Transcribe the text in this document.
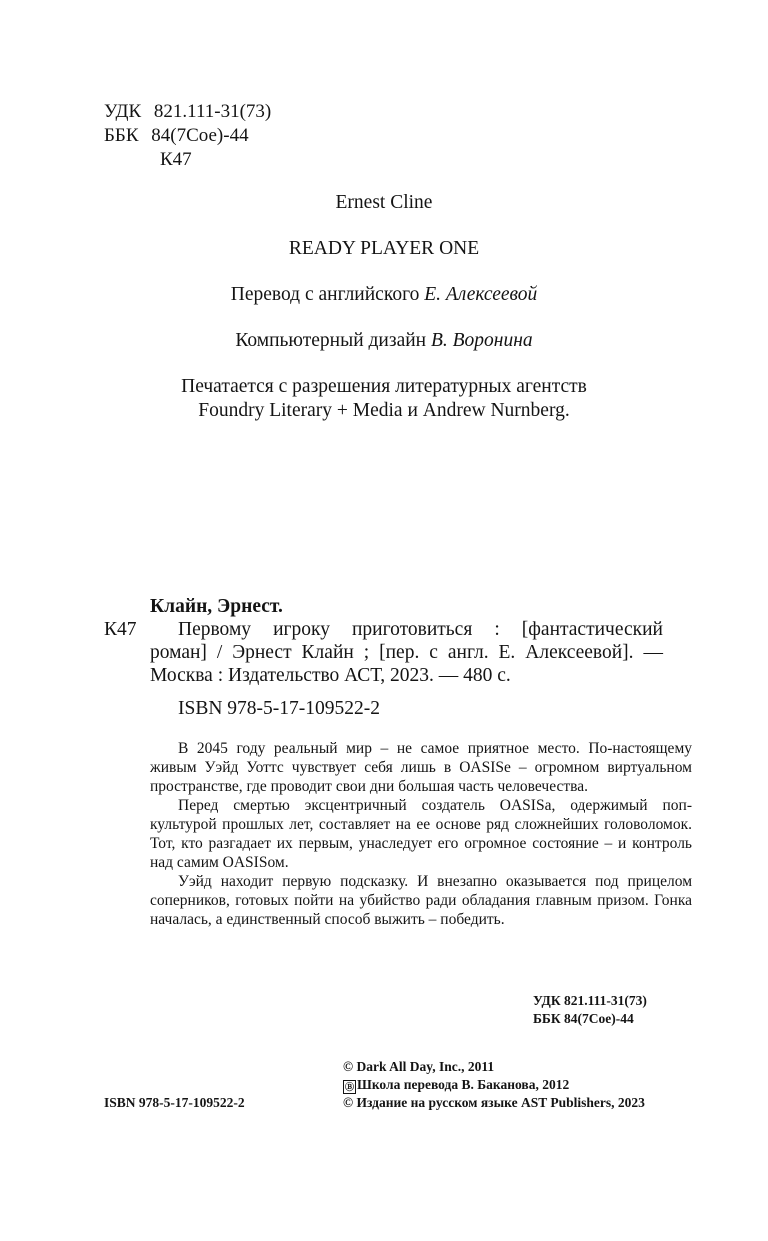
УДК 821.111-31(73)
ББК 84(7Сое)-44
К47
Ernest Cline
READY PLAYER ONE
Перевод с английского Е. Алексеевой
Компьютерный дизайн В. Воронина
Печатается с разрешения литературных агентств
Foundry Literary + Media и Andrew Nurnberg.
Клайн, Эрнест.
К47 Первому игроку приготовиться : [фантастический
роман] / Эрнест Клайн ; [пер. с англ. Е. Алексеевой]. —
Москва : Издательство АСТ, 2023. — 480 с.
ISBN 978-5-17-109522-2
В 2045 году реальный мир – не самое приятное место. По-настоящему живым Уэйд Уоттс чувствует себя лишь в OASISе – огромном виртуальном пространстве, где проводит свои дни большая часть человечества.
Перед смертью эксцентричный создатель OASISа, одержимый поп-культурой прошлых лет, составляет на ее основе ряд сложнейших головоломок. Тот, кто разгадает их первым, унаследует его огромное состояние – и контроль над самим OASISом.
Уэйд находит первую подсказку. И внезапно оказывается под прицелом соперников, готовых пойти на убийство ради обладания главным призом. Гонка началась, а единственный способ выжить – победить.
УДК 821.111-31(73)
ББК 84(7Сое)-44
ISBN 978-5-17-109522-2
© Dark All Day, Inc., 2011
Ⓑ Школа перевода В. Баканова, 2012
© Издание на русском языке AST Publishers, 2023
